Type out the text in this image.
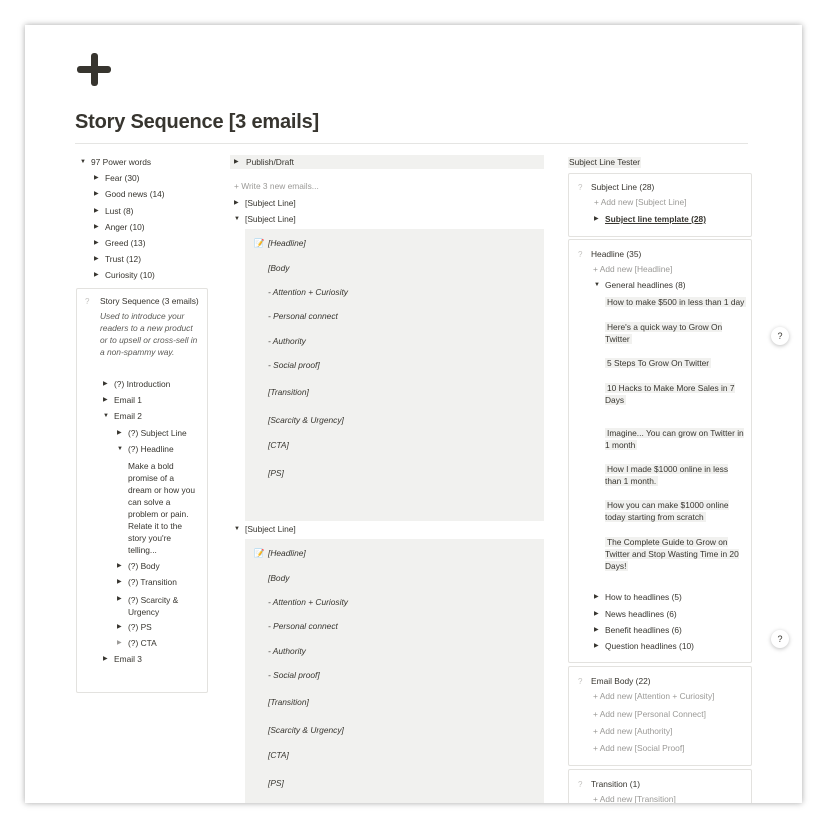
Story Sequence [3 emails]
▼ 97 Power words
▶ Fear (30)
▶ Good news (14)
▶ Lust (8)
▶ Anger (10)
▶ Greed (13)
▶ Trust (12)
▶ Curiosity (10)
? Story Sequence (3 emails)
Used to introduce your readers to a new product or to upsell or cross-sell in a non-spammy way.
▶ (?) Introduction
▶ Email 1
▼ Email 2
▶ (?) Subject Line
▼ (?) Headline
Make a bold promise of a dream or how you can solve a problem or pain. Relate it to the story you're telling...
▶ (?) Body
▶ (?) Transition
▶ (?) Scarcity & Urgency
▶ (?) PS
▶ (?) CTA
▶ Email 3
▶ Publish/Draft
+ Write 3 new emails...
▶ [Subject Line]
▼ [Subject Line]
📝 [Headline]
[Body
- Attention + Curiosity
- Personal connect
- Authority
- Social proof]
[Transition]
[Scarcity & Urgency]
[CTA]
[PS]
▼ [Subject Line]
📝 [Headline]
[Body
- Attention + Curiosity
- Personal connect
- Authority
- Social proof]
[Transition]
[Scarcity & Urgency]
[CTA]
[PS]
Subject Line Tester
? Subject Line (28)
+ Add new [Subject Line]
▶ Subject line template (28)
? Headline (35)
+ Add new [Headline]
▼ General headlines (8)
How to make $500 in less than 1 day
Here's a quick way to Grow On Twitter
5 Steps To Grow On Twitter
10 Hacks to Make More Sales in 7 Days
Imagine... You can grow on Twitter in 1 month
How I made $1000 online in less than 1 month.
How you can make $1000 online today starting from scratch
The Complete Guide to Grow on Twitter and Stop Wasting Time in 20 Days!
▶ How to headlines (5)
▶ News headlines (6)
▶ Benefit headlines (6)
▶ Question headlines (10)
? Email Body (22)
+ Add new [Attention + Curiosity]
+ Add new [Personal Connect]
+ Add new [Authority]
+ Add new [Social Proof]
? Transition (1)
+ Add new [Transition]
?
?
